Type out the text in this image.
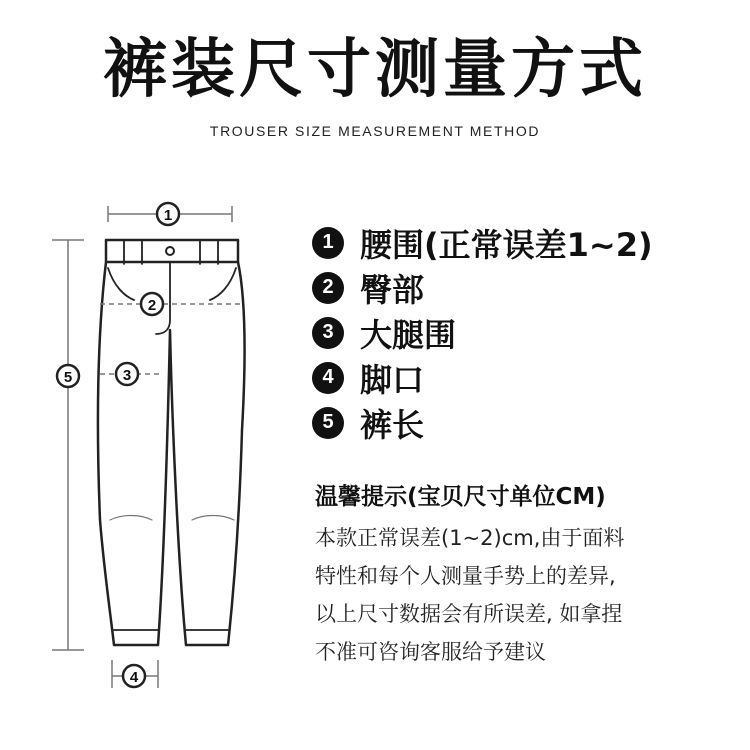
裤装尺寸测量方式
TROUSER SIZE MEASUREMENT METHOD
1
2
3
4
5
1 腰围(正常误差1~2)
2 臀部
3 大腿围
4 脚口
5 裤长
温馨提示(宝贝尺寸单位CM)
本款正常误差(1~2)cm,由于面料
特性和每个人测量手势上的差异,
以上尺寸数据会有所误差, 如拿捏
不准可咨询客服给予建议
